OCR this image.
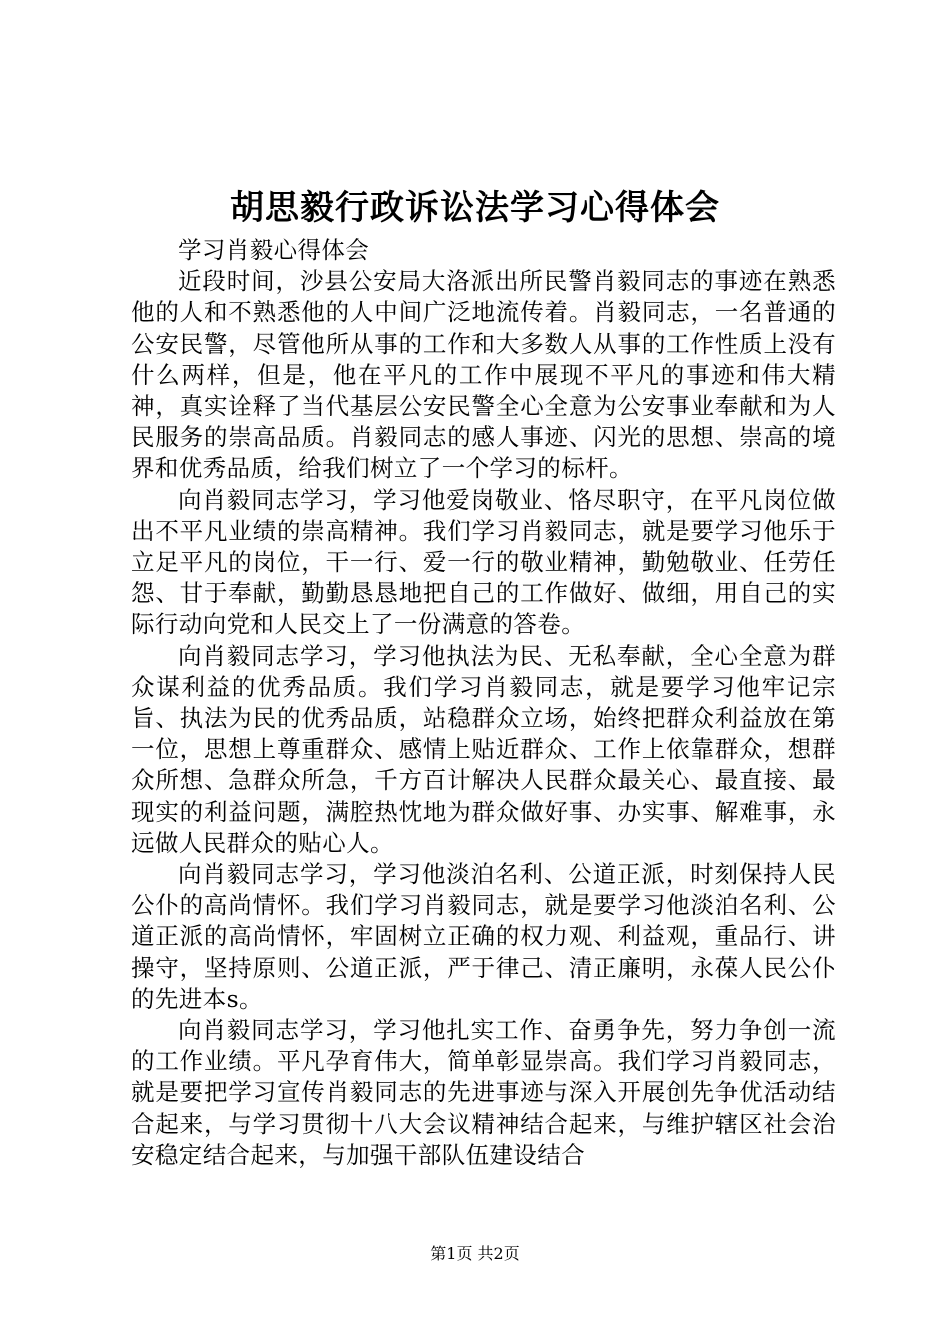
胡思毅行政诉讼法学习心得体会

学习肖毅心得体会

近段时间，沙县公安局大洛派出所民警肖毅同志的事迹在熟悉他的人和不熟悉他的人中间广泛地流传着。肖毅同志，一名普通的公安民警，尽管他所从事的工作和大多数人从事的工作性质上没有什么两样，但是，他在平凡的工作中展现不平凡的事迹和伟大精神，真实诠释了当代基层公安民警全心全意为公安事业奉献和为人民服务的崇高品质。肖毅同志的感人事迹、闪光的思想、崇高的境界和优秀品质，给我们树立了一个学习的标杆。

向肖毅同志学习，学习他爱岗敬业、恪尽职守，在平凡岗位做出不平凡业绩的崇高精神。我们学习肖毅同志，就是要学习他乐于立足平凡的岗位，干一行、爱一行的敬业精神，勤勉敬业、任劳任怨、甘于奉献，勤勤恳恳地把自己的工作做好、做细，用自己的实际行动向党和人民交上了一份满意的答卷。

向肖毅同志学习，学习他执法为民、无私奉献，全心全意为群众谋利益的优秀品质。我们学习肖毅同志，就是要学习他牢记宗旨、执法为民的优秀品质，站稳群众立场，始终把群众利益放在第一位，思想上尊重群众、感情上贴近群众、工作上依靠群众，想群众所想、急群众所急，千方百计解决人民群众最关心、最直接、最现实的利益问题，满腔热忱地为群众做好事、办实事、解难事，永远做人民群众的贴心人。

向肖毅同志学习，学习他淡泊名利、公道正派，时刻保持人民公仆的高尚情怀。我们学习肖毅同志，就是要学习他淡泊名利、公道正派的高尚情怀，牢固树立正确的权力观、利益观，重品行、讲操守，坚持原则、公道正派，严于律己、清正廉明，永葆人民公仆的先进本s。

向肖毅同志学习，学习他扎实工作、奋勇争先，努力争创一流的工作业绩。平凡孕育伟大，简单彰显崇高。我们学习肖毅同志，就是要把学习宣传肖毅同志的先进事迹与深入开展创先争优活动结合起来，与学习贯彻十八大会议精神结合起来，与维护辖区社会治安稳定结合起来，与加强干部队伍建设结合

第1页 共2页
